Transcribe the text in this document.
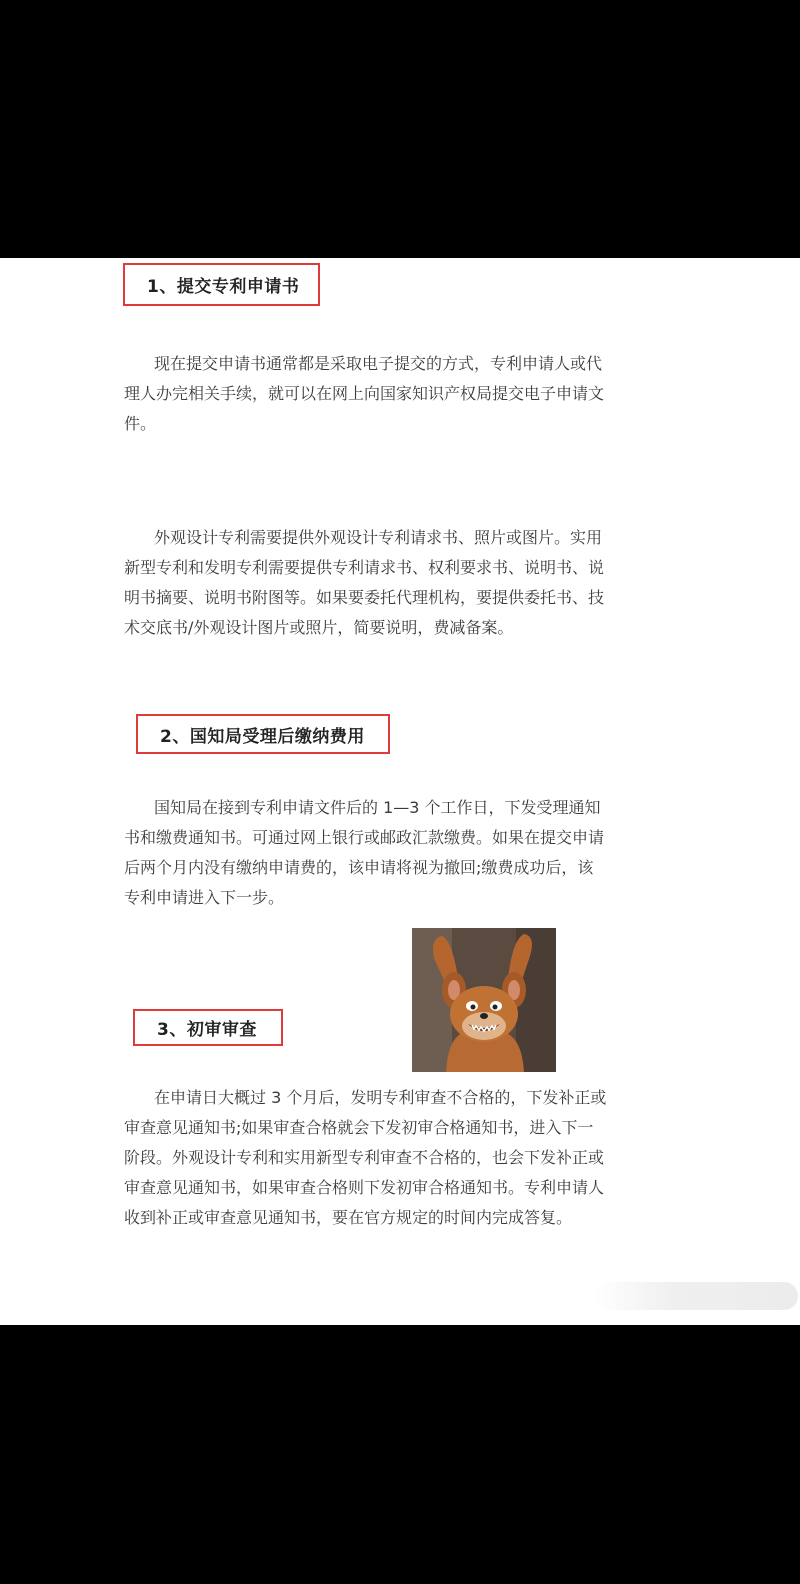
1、提交专利申请书
现在提交申请书通常都是采取电子提交的方式，专利申请人或代
理人办完相关手续，就可以在网上向国家知识产权局提交电子申请文
件。
外观设计专利需要提供外观设计专利请求书、照片或图片。实用
新型专利和发明专利需要提供专利请求书、权利要求书、说明书、说
明书摘要、说明书附图等。如果要委托代理机构，要提供委托书、技
术交底书/外观设计图片或照片，简要说明，费减备案。
2、国知局受理后缴纳费用
国知局在接到专利申请文件后的 1—3 个工作日，下发受理通知
书和缴费通知书。可通过网上银行或邮政汇款缴费。如果在提交申请
后两个月内没有缴纳申请费的，该申请将视为撤回;缴费成功后，该
专利申请进入下一步。
3、初审审查
在申请日大概过 3 个月后，发明专利审查不合格的，下发补正或
审查意见通知书;如果审查合格就会下发初审合格通知书，进入下一
阶段。外观设计专利和实用新型专利审查不合格的，也会下发补正或
审查意见通知书，如果审查合格则下发初审合格通知书。专利申请人
收到补正或审查意见通知书，要在官方规定的时间内完成答复。
